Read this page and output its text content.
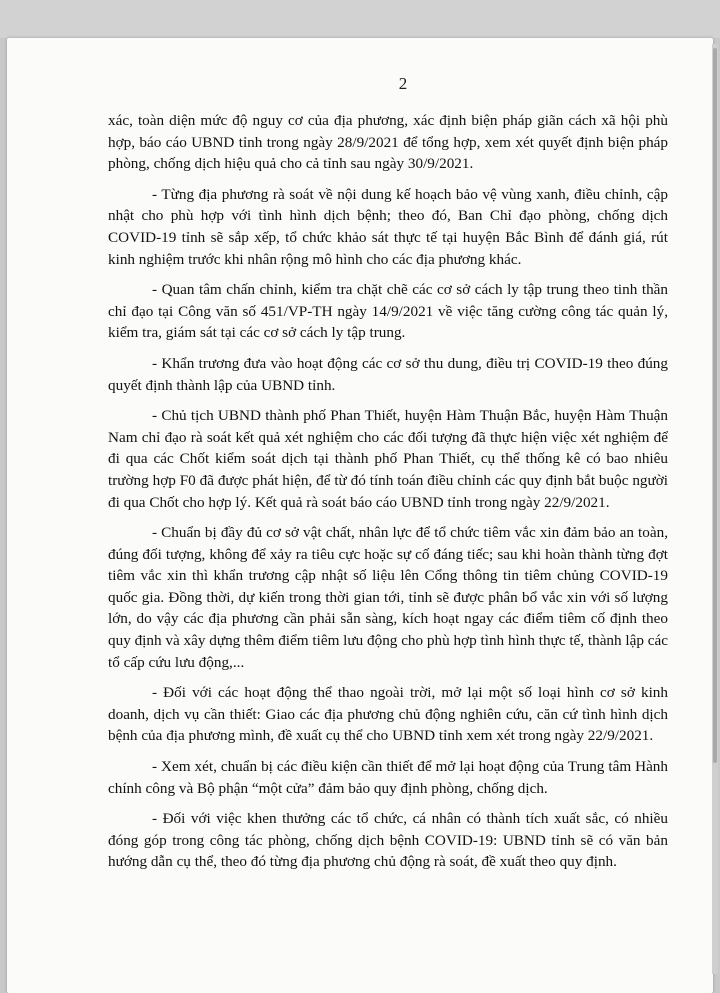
2

xác, toàn diện mức độ nguy cơ của địa phương, xác định biện pháp giãn cách xã hội phù hợp, báo cáo UBND tỉnh trong ngày 28/9/2021 để tổng hợp, xem xét quyết định biện pháp phòng, chống dịch hiệu quả cho cả tỉnh sau ngày 30/9/2021.

- Từng địa phương rà soát về nội dung kế hoạch bảo vệ vùng xanh, điều chỉnh, cập nhật cho phù hợp với tình hình dịch bệnh; theo đó, Ban Chỉ đạo phòng, chống dịch COVID-19 tỉnh sẽ sắp xếp, tổ chức khảo sát thực tế tại huyện Bắc Bình để đánh giá, rút kinh nghiệm trước khi nhân rộng mô hình cho các địa phương khác.

- Quan tâm chấn chỉnh, kiểm tra chặt chẽ các cơ sở cách ly tập trung theo tinh thần chỉ đạo tại Công văn số 451/VP-TH ngày 14/9/2021 về việc tăng cường công tác quản lý, kiểm tra, giám sát tại các cơ sở cách ly tập trung.

- Khẩn trương đưa vào hoạt động các cơ sở thu dung, điều trị COVID-19 theo đúng quyết định thành lập của UBND tỉnh.

- Chủ tịch UBND thành phố Phan Thiết, huyện Hàm Thuận Bắc, huyện Hàm Thuận Nam chỉ đạo rà soát kết quả xét nghiệm cho các đối tượng đã thực hiện việc xét nghiệm để đi qua các Chốt kiểm soát dịch tại thành phố Phan Thiết, cụ thể thống kê có bao nhiêu trường hợp F0 đã được phát hiện, để từ đó tính toán điều chỉnh các quy định bắt buộc người đi qua Chốt cho hợp lý. Kết quả rà soát báo cáo UBND tỉnh trong ngày 22/9/2021.

- Chuẩn bị đầy đủ cơ sở vật chất, nhân lực để tổ chức tiêm vắc xin đảm bảo an toàn, đúng đối tượng, không để xảy ra tiêu cực hoặc sự cố đáng tiếc; sau khi hoàn thành từng đợt tiêm vắc xin thì khẩn trương cập nhật số liệu lên Cổng thông tin tiêm chủng COVID-19 quốc gia. Đồng thời, dự kiến trong thời gian tới, tỉnh sẽ được phân bổ vắc xin với số lượng lớn, do vậy các địa phương cần phải sẵn sàng, kích hoạt ngay các điểm tiêm cố định theo quy định và xây dựng thêm điểm tiêm lưu động cho phù hợp tình hình thực tế, thành lập các tổ cấp cứu lưu động,...

- Đối với các hoạt động thể thao ngoài trời, mở lại một số loại hình cơ sở kinh doanh, dịch vụ cần thiết: Giao các địa phương chủ động nghiên cứu, căn cứ tình hình dịch bệnh của địa phương mình, đề xuất cụ thể cho UBND tỉnh xem xét trong ngày 22/9/2021.

- Xem xét, chuẩn bị các điều kiện cần thiết để mở lại hoạt động của Trung tâm Hành chính công và Bộ phận “một cửa” đảm bảo quy định phòng, chống dịch.

- Đối với việc khen thưởng các tổ chức, cá nhân có thành tích xuất sắc, có nhiều đóng góp trong công tác phòng, chống dịch bệnh COVID-19: UBND tỉnh sẽ có văn bản hướng dẫn cụ thể, theo đó từng địa phương chủ động rà soát, đề xuất theo quy định.
